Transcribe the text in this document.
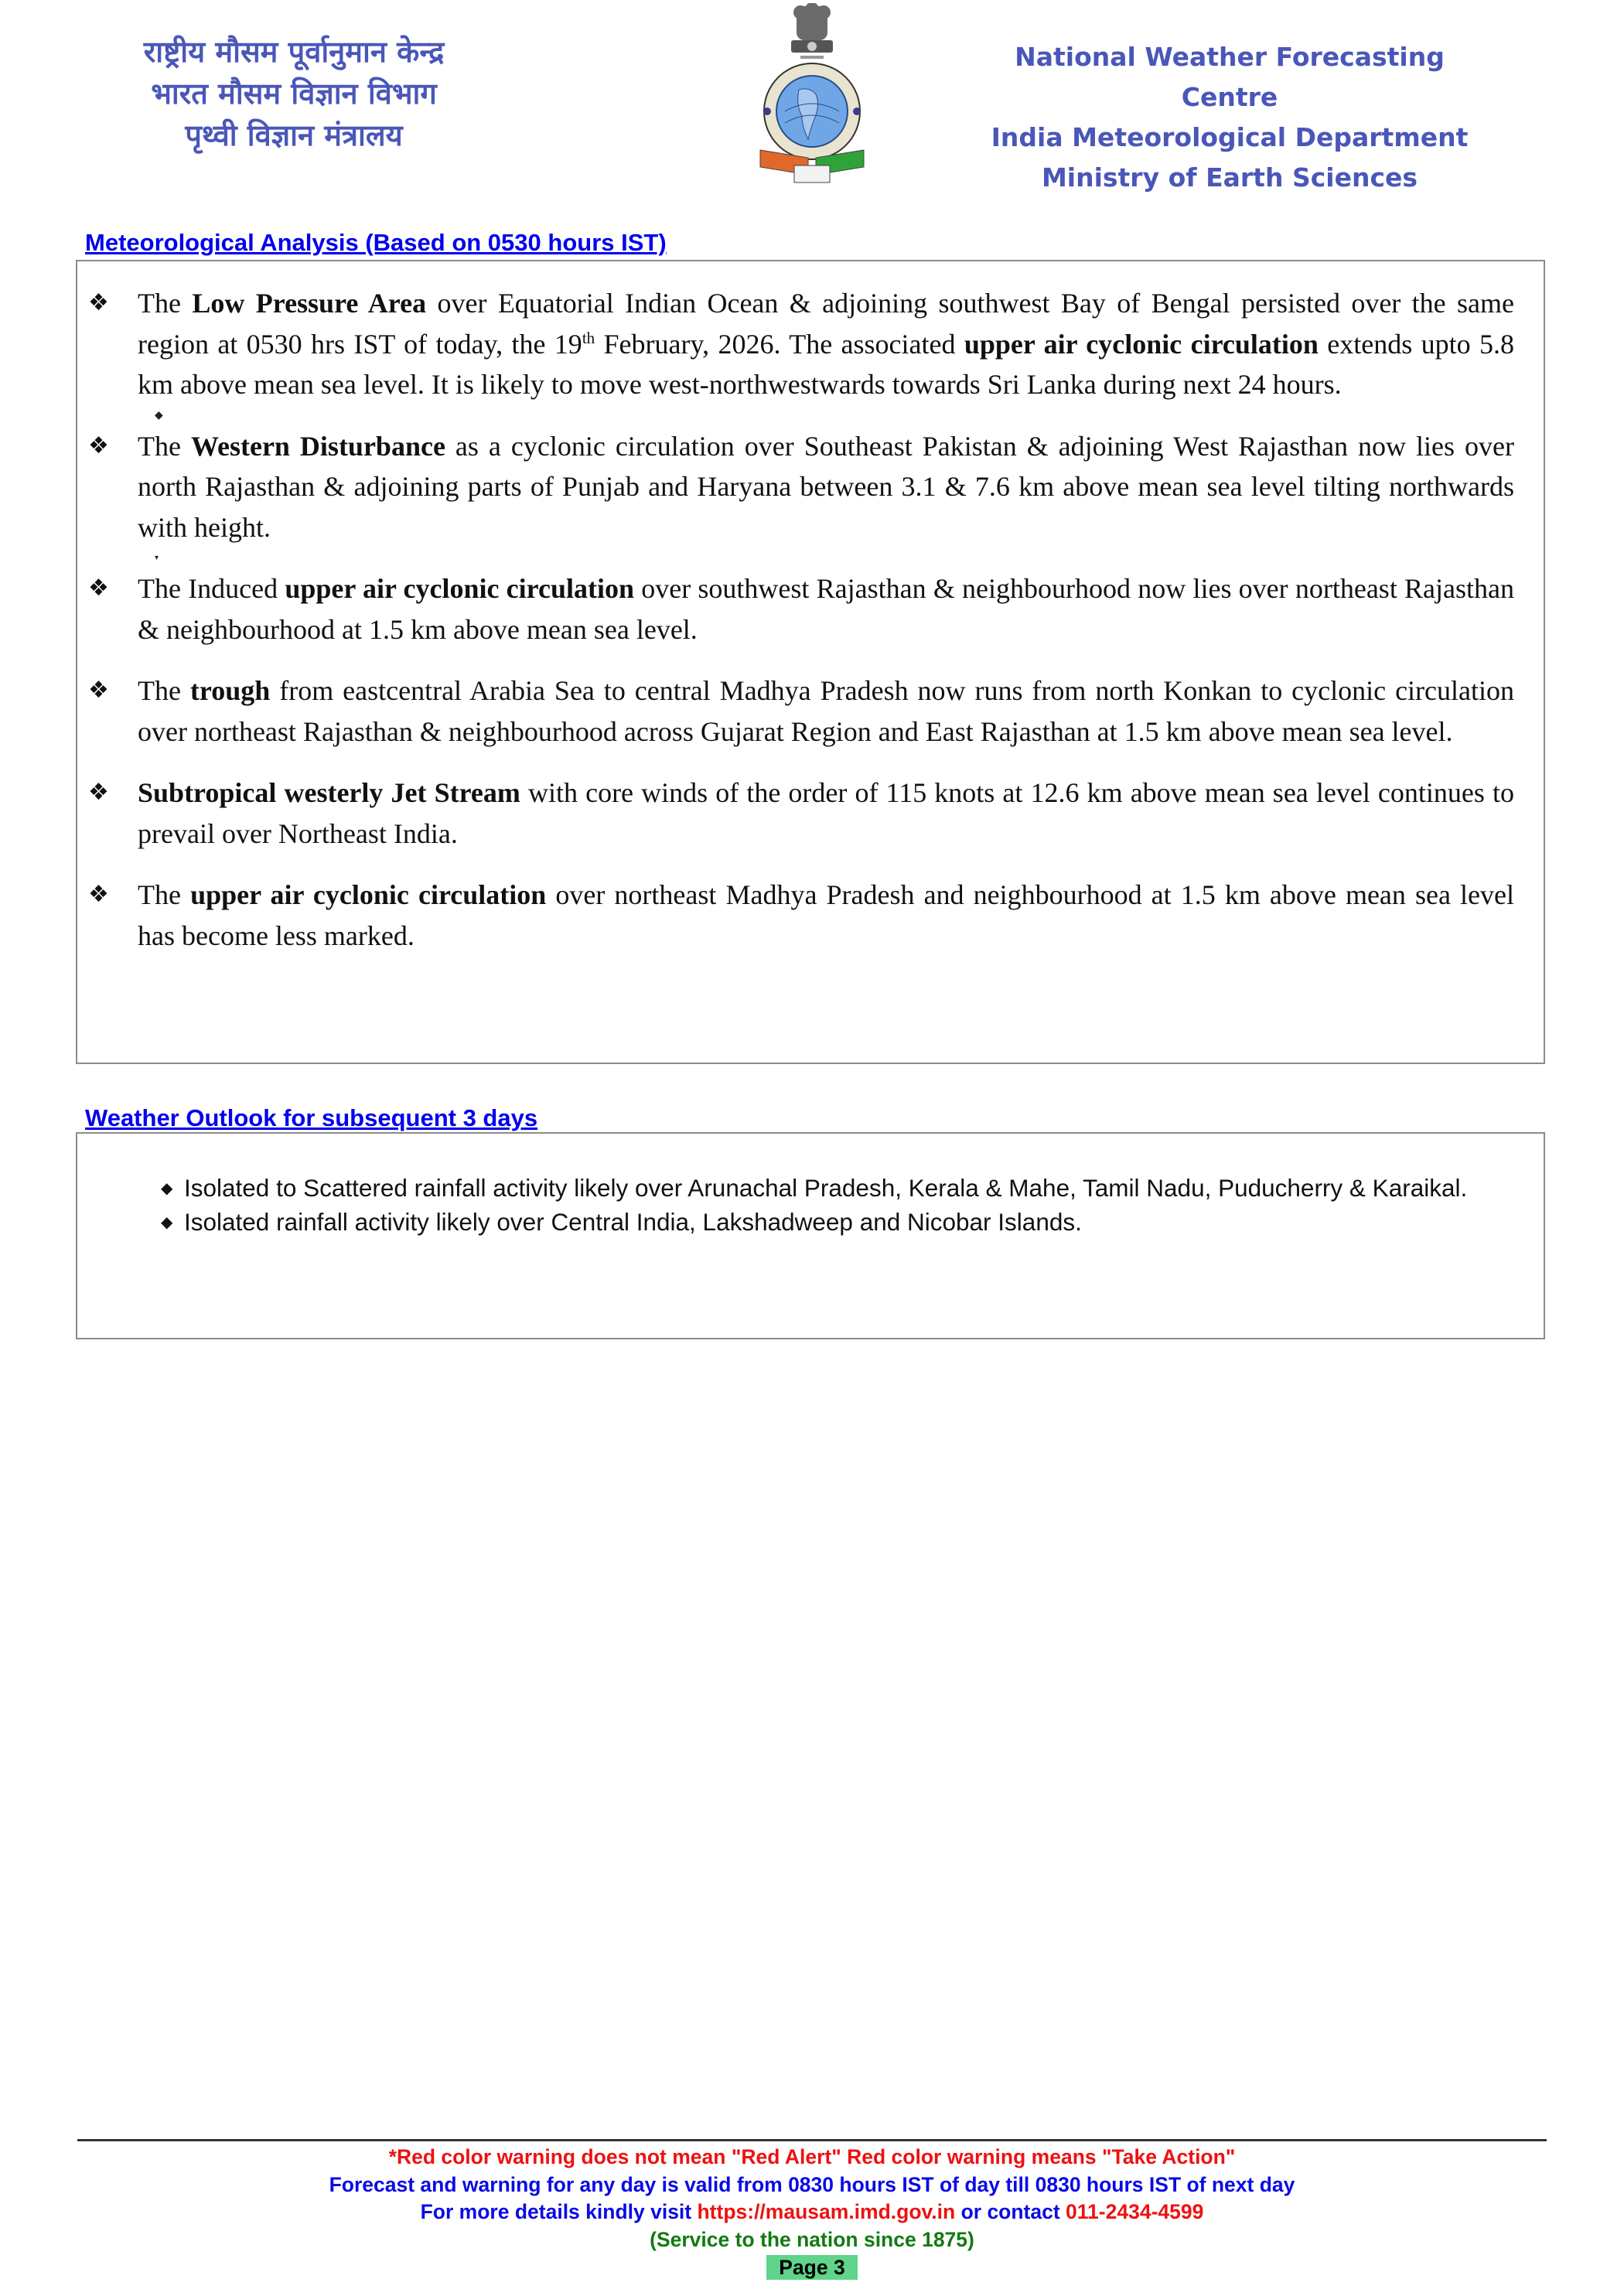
राष्ट्रीय मौसम पूर्वानुमान केन्द्र
भारत मौसम विज्ञान विभाग
पृथ्वी विज्ञान मंत्रालय
National Weather Forecasting Centre
India Meteorological Department
Ministry of Earth Sciences
Meteorological Analysis (Based on 0530 hours IST)
❖ The Low Pressure Area over Equatorial Indian Ocean & adjoining southwest Bay of Bengal persisted over the same region at 0530 hrs IST of today, the 19th February, 2026. The associated upper air cyclonic circulation extends upto 5.8 km above mean sea level. It is likely to move west-northwestwards towards Sri Lanka during next 24 hours.
◆
❖ The Western Disturbance as a cyclonic circulation over Southeast Pakistan & adjoining West Rajasthan now lies over north Rajasthan & adjoining parts of Punjab and Haryana between 3.1 & 7.6 km above mean sea level tilting northwards with height.
▾
❖ The Induced upper air cyclonic circulation over southwest Rajasthan & neighbourhood now lies over northeast Rajasthan & neighbourhood at 1.5 km above mean sea level.
❖ The trough from eastcentral Arabia Sea to central Madhya Pradesh now runs from north Konkan to cyclonic circulation over northeast Rajasthan & neighbourhood across Gujarat Region and East Rajasthan at 1.5 km above mean sea level.
❖ Subtropical westerly Jet Stream with core winds of the order of 115 knots at 12.6 km above mean sea level continues to prevail over Northeast India.
❖ The upper air cyclonic circulation over northeast Madhya Pradesh and neighbourhood at 1.5 km above mean sea level has become less marked.
Weather Outlook for subsequent 3 days
◆ Isolated to Scattered rainfall activity likely over Arunachal Pradesh, Kerala & Mahe, Tamil Nadu, Puducherry & Karaikal.
◆ Isolated rainfall activity likely over Central India, Lakshadweep and Nicobar Islands.
*Red color warning does not mean "Red Alert" Red color warning means "Take Action"
Forecast and warning for any day is valid from 0830 hours IST of day till 0830 hours IST of next day
For more details kindly visit https://mausam.imd.gov.in or contact 011-2434-4599
(Service to the nation since 1875)
Page 3
